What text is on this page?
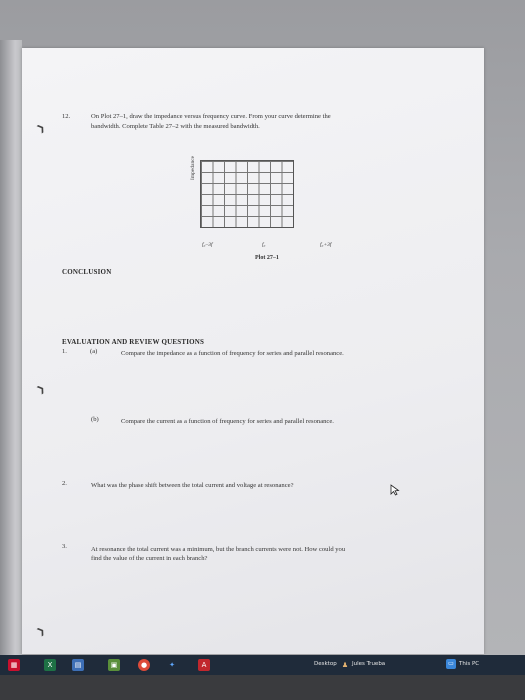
❯
❯
❯
12.	On Plot 27–1, draw the impedance versus frequency curve. From your curve determine the
bandwidth. Complete Table 27–2 with the measured bandwidth.
Impedance
f₀–3f	f₀	f₀+3f
Plot 27–1
CONCLUSION
EVALUATION AND REVIEW QUESTIONS
1.	(a)	Compare the impedance as a function of frequency for series and parallel resonance.
(b)	Compare the current as a function of frequency for series and parallel resonance.
2.	What was the phase shift between the total current and voltage at resonance?
3.	At resonance the total current was a minimum, but the branch currents were not. How could you
find the value of the current in each branch?
▦	X	▤	▣	●	✦	A	Desktop ♟ Jules Trueba	▭ This PC
